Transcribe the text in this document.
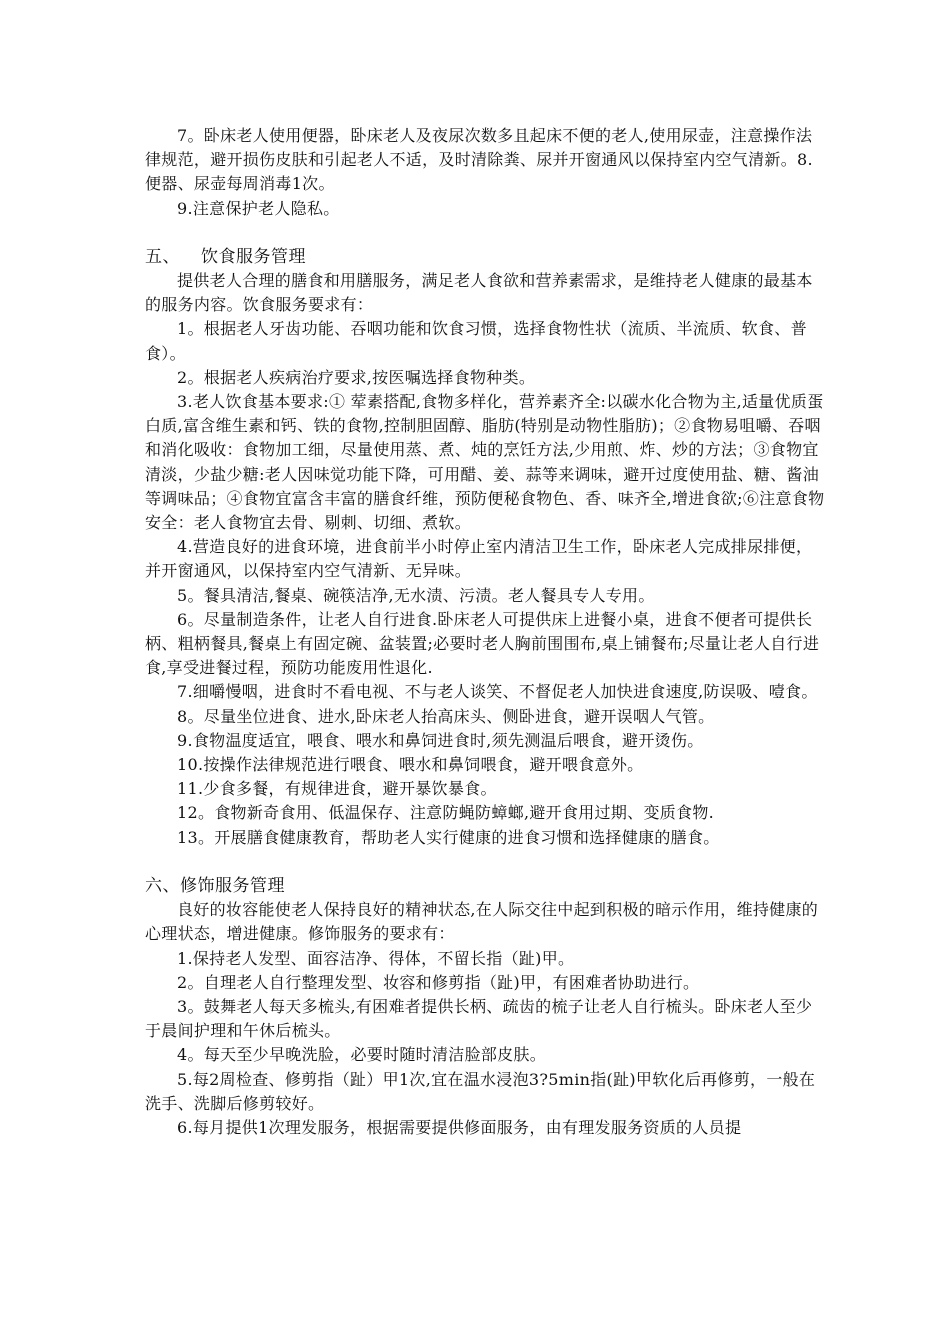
7。卧床老人使用便器，卧床老人及夜尿次数多且起床不便的老人,使用尿壶，注意操作法律规范，避开损伤皮肤和引起老人不适，及时清除粪、尿并开窗通风以保持室内空气清新。8.便器、尿壶每周消毒1次。

9.注意保护老人隐私。

五、 饮食服务管理

提供老人合理的膳食和用膳服务，满足老人食欲和营养素需求，是维持老人健康的最基本的服务内容。饮食服务要求有：

1。根据老人牙齿功能、吞咽功能和饮食习惯，选择食物性状（流质、半流质、软食、普食）。

2。根据老人疾病治疗要求,按医嘱选择食物种类。

3.老人饮食基本要求:① 荤素搭配,食物多样化，营养素齐全:以碳水化合物为主,适量优质蛋白质,富含维生素和钙、铁的食物,控制胆固醇、脂肪(特别是动物性脂肪)；②食物易咀嚼、吞咽和消化吸收：食物加工细，尽量使用蒸、煮、炖的烹饪方法,少用煎、炸、炒的方法；③食物宜清淡，少盐少糖:老人因味觉功能下降，可用醋、姜、蒜等来调味，避开过度使用盐、糖、酱油等调味品；④食物宜富含丰富的膳食纤维，预防便秘食物色、香、味齐全,增进食欲;⑥注意食物安全：老人食物宜去骨、剔刺、切细、煮软。

4.营造良好的进食环境，进食前半小时停止室内清洁卫生工作，卧床老人完成排尿排便，并开窗通风，以保持室内空气清新、无异味。

5。餐具清洁,餐桌、碗筷洁净,无水渍、污渍。老人餐具专人专用。

6。尽量制造条件，让老人自行进食.卧床老人可提供床上进餐小桌，进食不便者可提供长柄、粗柄餐具,餐桌上有固定碗、盆装置;必要时老人胸前围围布,桌上铺餐布;尽量让老人自行进食,享受进餐过程，预防功能废用性退化.

7.细嚼慢咽，进食时不看电视、不与老人谈笑、不督促老人加快进食速度,防误吸、噎食。

8。尽量坐位进食、进水,卧床老人抬高床头、侧卧进食，避开误咽人气管。

9.食物温度适宜，喂食、喂水和鼻饲进食时,须先测温后喂食，避开烫伤。

10.按操作法律规范进行喂食、喂水和鼻饲喂食，避开喂食意外。

11.少食多餐，有规律进食，避开暴饮暴食。

12。食物新奇食用、低温保存、注意防蝇防蟑螂,避开食用过期、变质食物.

13。开展膳食健康教育，帮助老人实行健康的进食习惯和选择健康的膳食。

六、修饰服务管理

良好的妆容能使老人保持良好的精神状态,在人际交往中起到积极的暗示作用，维持健康的心理状态，增进健康。修饰服务的要求有：

1.保持老人发型、面容洁净、得体，不留长指（趾)甲。

2。自理老人自行整理发型、妆容和修剪指（趾)甲，有困难者协助进行。

3。鼓舞老人每天多梳头,有困难者提供长柄、疏齿的梳子让老人自行梳头。卧床老人至少于晨间护理和午休后梳头。

4。每天至少早晚洗脸，必要时随时清洁脸部皮肤。

5.每2周检查、修剪指（趾）甲1次,宜在温水浸泡3?5min指(趾)甲软化后再修剪，一般在洗手、洗脚后修剪较好。

6.每月提供1次理发服务，根据需要提供修面服务，由有理发服务资质的人员提
